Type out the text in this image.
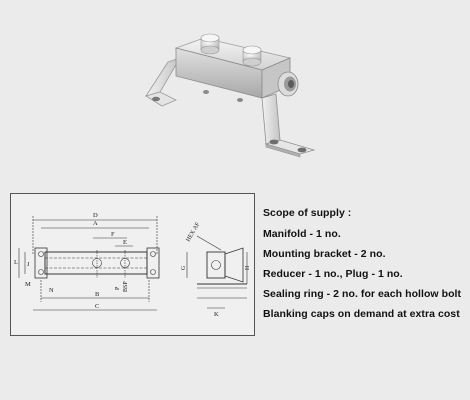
D
A
F
E
L J
M
N
B
C
P BSP
HEX AF
G	H
K
Scope of supply :
Manifold - 1 no.
Mounting bracket - 2 no.
Reducer - 1 no., Plug - 1 no.
Sealing ring - 2 no. for each hollow bolt
Blanking caps on demand at extra cost
